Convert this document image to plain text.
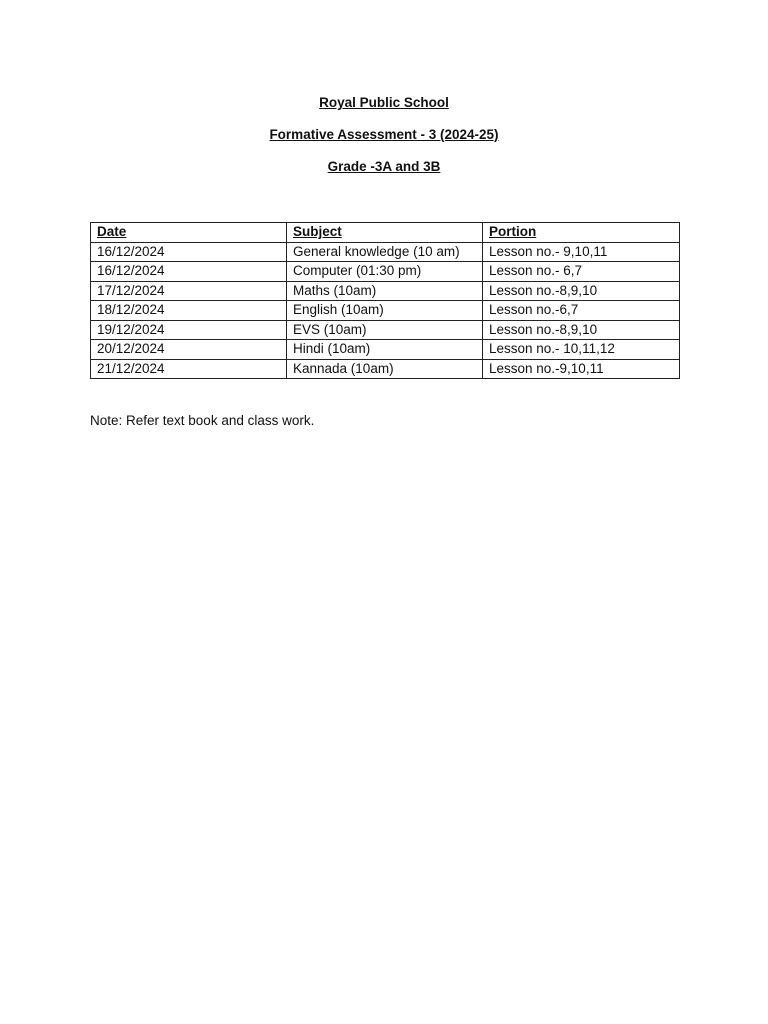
Royal Public School
Formative Assessment - 3 (2024-25)
Grade -3A and 3B
Date	Subject	Portion
16/12/2024	General knowledge (10 am)	Lesson no.- 9,10,11
16/12/2024	Computer (01:30 pm)	Lesson no.- 6,7
17/12/2024	Maths (10am)	Lesson no.-8,9,10
18/12/2024	English (10am)	Lesson no.-6,7
19/12/2024	EVS (10am)	Lesson no.-8,9,10
20/12/2024	Hindi (10am)	Lesson no.- 10,11,12
21/12/2024	Kannada (10am)	Lesson no.-9,10,11
Note: Refer text book and class work.
